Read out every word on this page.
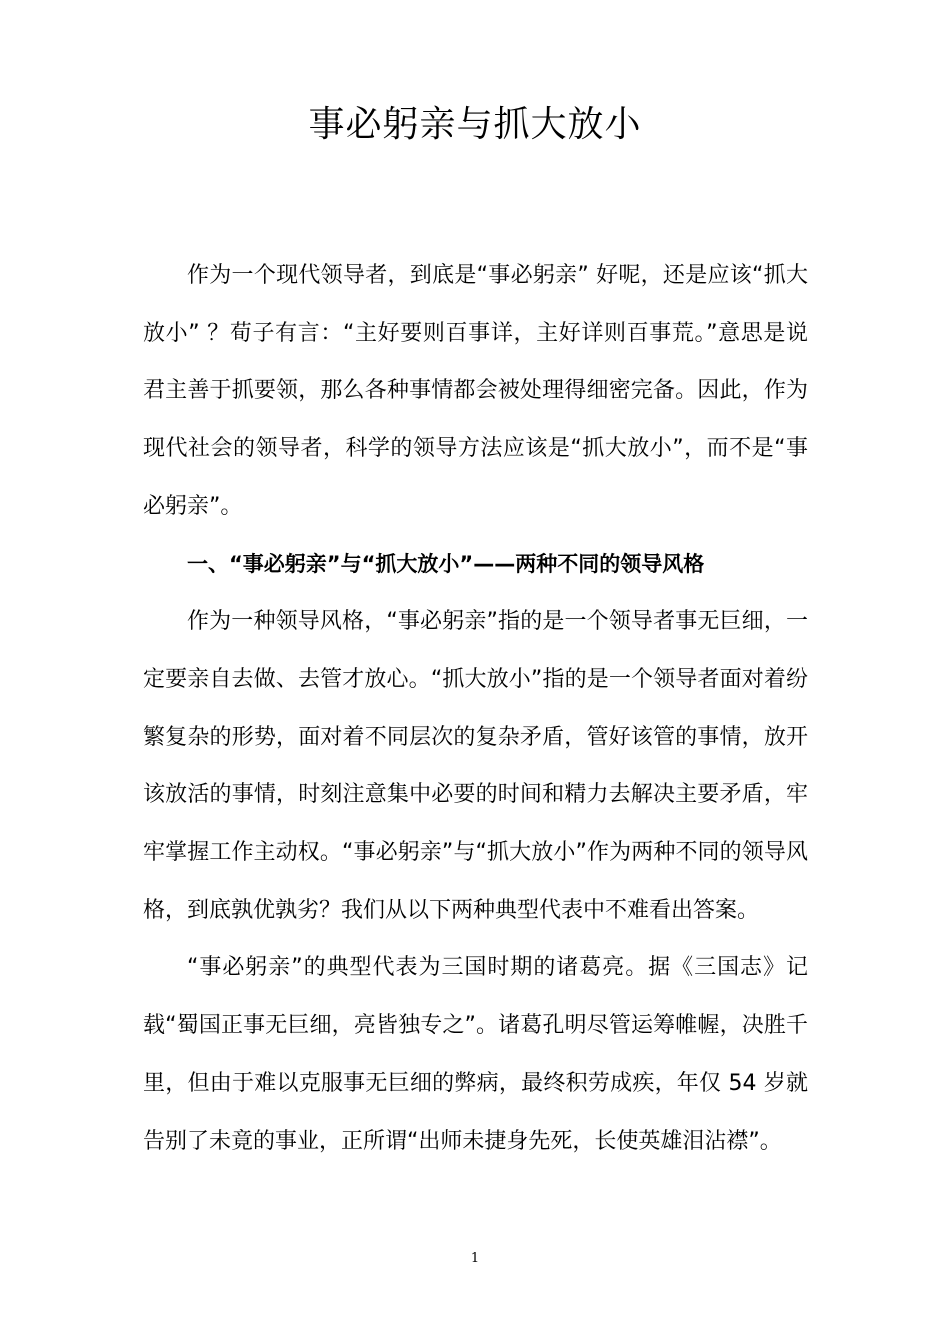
事必躬亲与抓大放小

作为一个现代领导者，到底是“事必躬亲” 好呢，还是应该“抓大放小” ？荀子有言：“主好要则百事详，主好详则百事荒。”意思是说君主善于抓要领，那么各种事情都会被处理得细密完备。因此，作为现代社会的领导者，科学的领导方法应该是“抓大放小”，而不是“事必躬亲”。

一、“事必躬亲”与“抓大放小”——两种不同的领导风格

作为一种领导风格，“事必躬亲”指的是一个领导者事无巨细，一定要亲自去做、去管才放心。“抓大放小”指的是一个领导者面对着纷繁复杂的形势，面对着不同层次的复杂矛盾，管好该管的事情，放开该放活的事情，时刻注意集中必要的时间和精力去解决主要矛盾，牢牢掌握工作主动权。“事必躬亲”与“抓大放小”作为两种不同的领导风格，到底孰优孰劣？我们从以下两种典型代表中不难看出答案。

“事必躬亲”的典型代表为三国时期的诸葛亮。据《三国志》记载“蜀国正事无巨细，亮皆独专之”。诸葛孔明尽管运筹帷幄，决胜千里，但由于难以克服事无巨细的弊病，最终积劳成疾，年仅 54 岁就告别了未竟的事业，正所谓“出师未捷身先死，长使英雄泪沾襟”。

1
